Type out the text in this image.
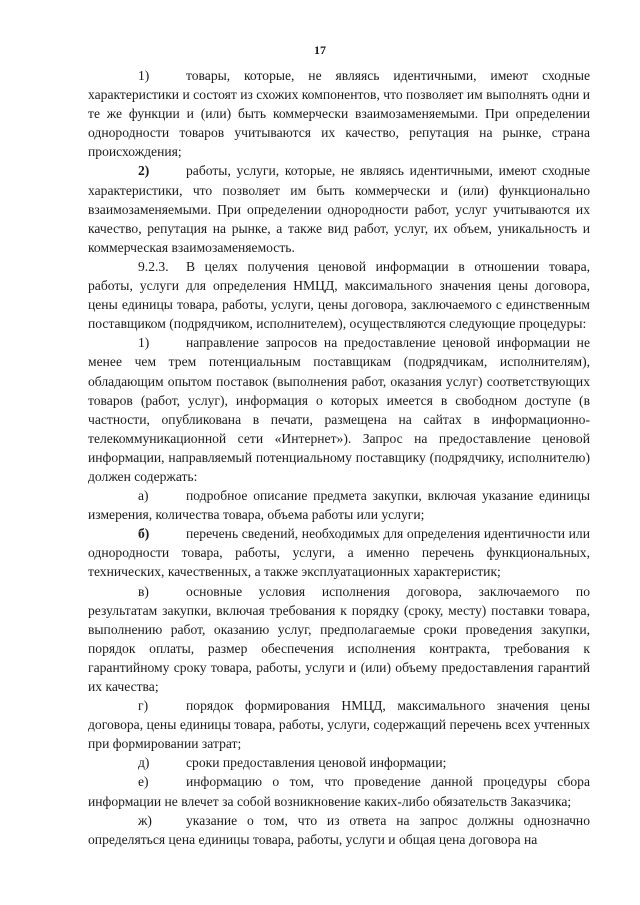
17

1)	товары, которые, не являясь идентичными, имеют сходные характеристики и состоят из схожих компонентов, что позволяет им выполнять одни и те же функции и (или) быть коммерчески взаимозаменяемыми. При определении однородности товаров учитываются их качество, репутация на рынке, страна происхождения;

2)	работы, услуги, которые, не являясь идентичными, имеют сходные характеристики, что позволяет им быть коммерчески и (или) функционально взаимозаменяемыми. При определении однородности работ, услуг учитываются их качество, репутация на рынке, а также вид работ, услуг, их объем, уникальность и коммерческая взаимозаменяемость.

9.2.3. В целях получения ценовой информации в отношении товара, работы, услуги для определения НМЦД, максимального значения цены договора, цены единицы товара, работы, услуги, цены договора, заключаемого с единственным поставщиком (подрядчиком, исполнителем), осуществляются следующие процедуры:

1)	направление запросов на предоставление ценовой информации не менее чем трем потенциальным поставщикам (подрядчикам, исполнителям), обладающим опытом поставок (выполнения работ, оказания услуг) соответствующих товаров (работ, услуг), информация о которых имеется в свободном доступе (в частности, опубликована в печати, размещена на сайтах в информационно-телекоммуникационной сети «Интернет»). Запрос на предоставление ценовой информации, направляемый потенциальному поставщику (подрядчику, исполнителю) должен содержать:

а)	подробное описание предмета закупки, включая указание единицы измерения, количества товара, объема работы или услуги;

б)	перечень сведений, необходимых для определения идентичности или однородности товара, работы, услуги, а именно перечень функциональных, технических, качественных, а также эксплуатационных характеристик;

в)	основные условия исполнения договора, заключаемого по результатам закупки, включая требования к порядку (сроку, месту) поставки товара, выполнению работ, оказанию услуг, предполагаемые сроки проведения закупки, порядок оплаты, размер обеспечения исполнения контракта, требования к гарантийному сроку товара, работы, услуги и (или) объему предоставления гарантий их качества;

г)	порядок формирования НМЦД, максимального значения цены договора, цены единицы товара, работы, услуги, содержащий перечень всех учтенных при формировании затрат;

д)	сроки предоставления ценовой информации;

е)	информацию о том, что проведение данной процедуры сбора информации не влечет за собой возникновение каких-либо обязательств Заказчика;

ж)	указание о том, что из ответа на запрос должны однозначно определяться цена единицы товара, работы, услуги и общая цена договора на
